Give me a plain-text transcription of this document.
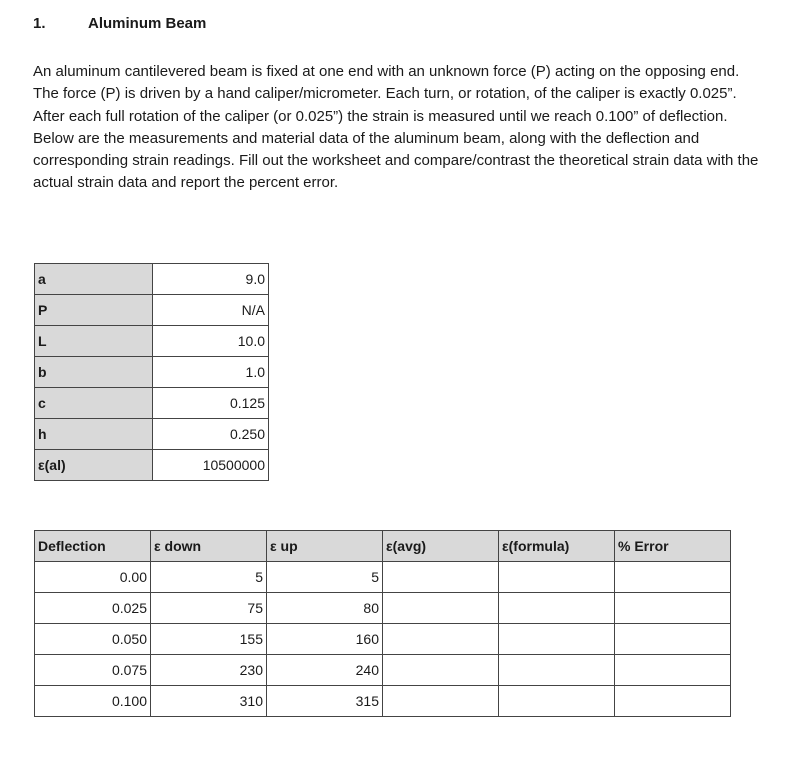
1.	Aluminum Beam

An aluminum cantilevered beam is fixed at one end with an unknown force (P) acting on the opposing end. The force (P) is driven by a hand caliper/micrometer. Each turn, or rotation, of the caliper is exactly 0.025”. After each full rotation of the caliper (or 0.025”) the strain is measured until we reach 0.100” of deflection. Below are the measurements and material data of the aluminum beam, along with the deflection and corresponding strain readings. Fill out the worksheet and compare/contrast the theoretical strain data with the actual strain data and report the percent error.

a	9.0
P	N/A
L	10.0
b	1.0
c	0.125
h	0.250
ε(al)	10500000
Deflection	ε down	ε up	ε(avg)	ε(formula)	% Error
0.00	5	5			
0.025	75	80			
0.050	155	160			
0.075	230	240			
0.100	310	315			
